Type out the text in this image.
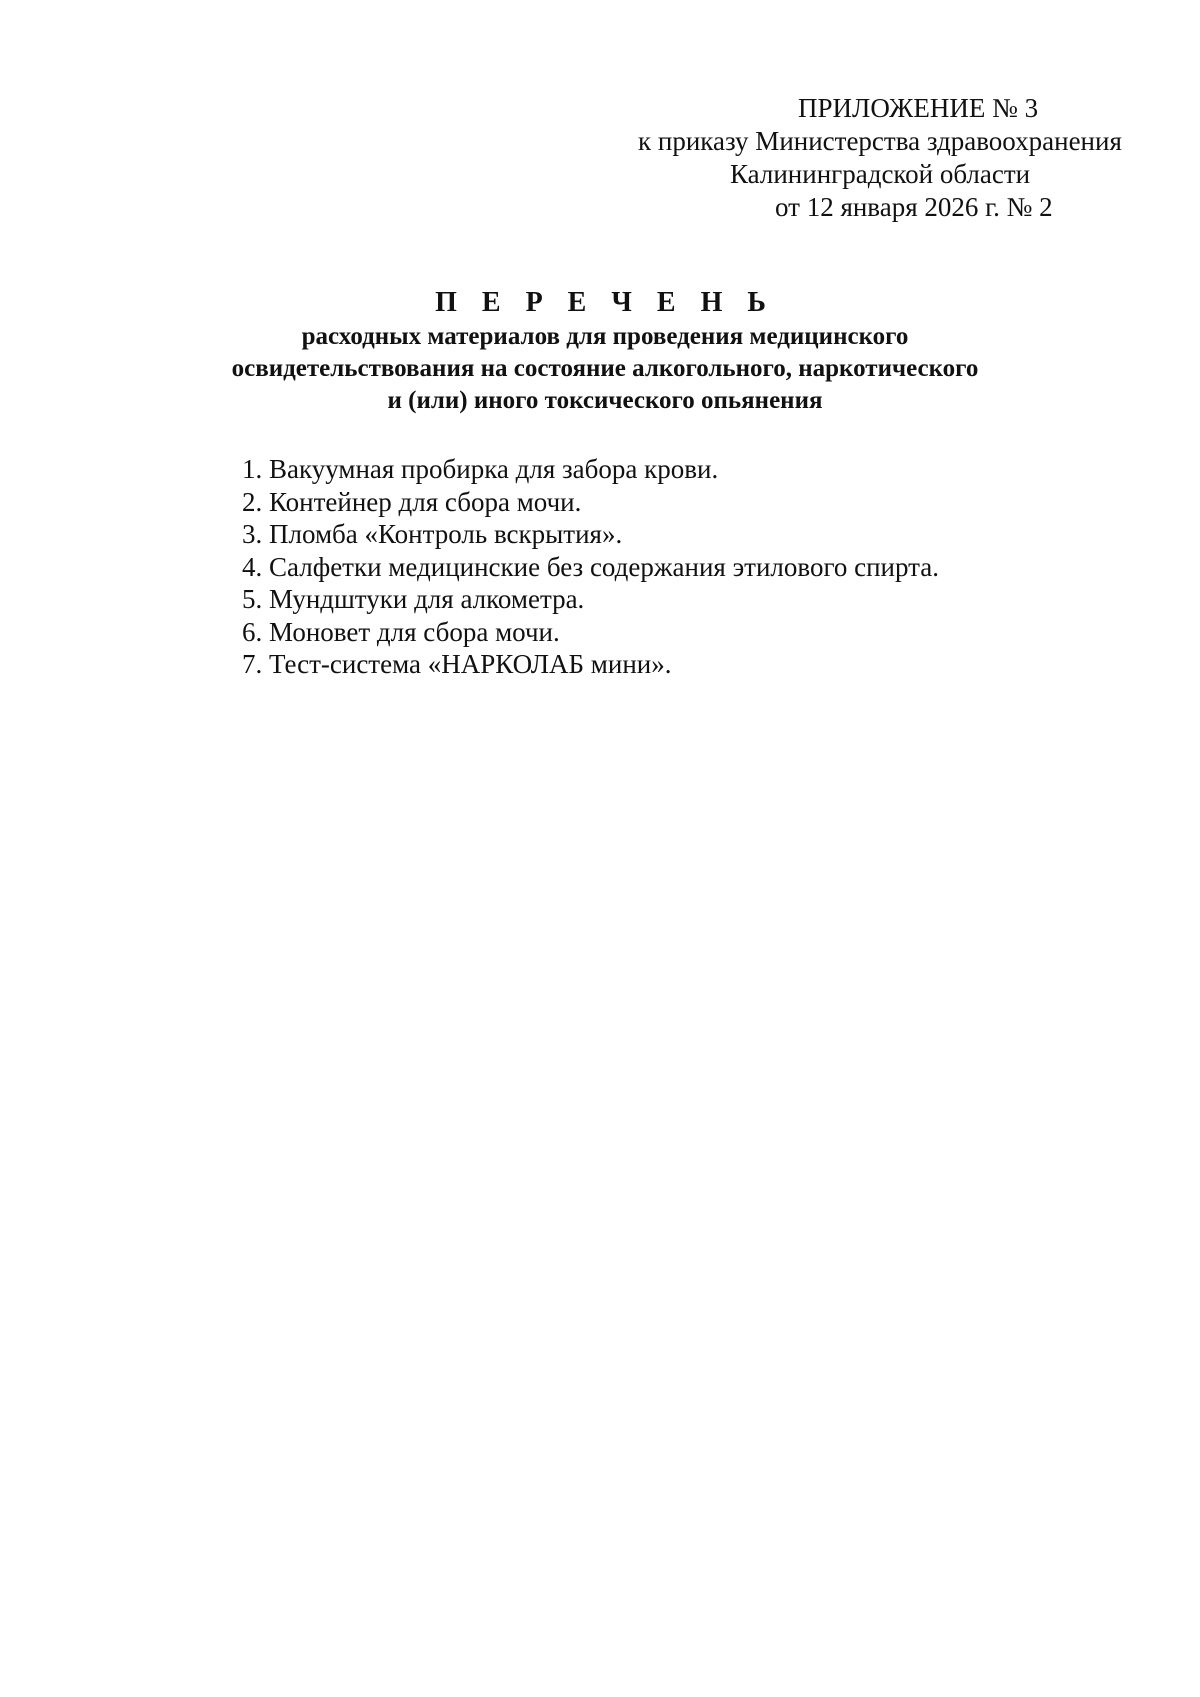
ПРИЛОЖЕНИЕ № 3
к приказу Министерства здравоохранения
Калининградской области
от 12 января 2026 г. № 2
П Е Р Е Ч Е Н Ь
расходных материалов для проведения медицинского
освидетельствования на состояние алкогольного, наркотического
и (или) иного токсического опьянения
1. Вакуумная пробирка для забора крови.
2. Контейнер для сбора мочи.
3. Пломба «Контроль вскрытия».
4. Салфетки медицинские без содержания этилового спирта.
5. Мундштуки для алкометра.
6. Моновет для сбора мочи.
7. Тест-система «НАРКОЛАБ мини».
